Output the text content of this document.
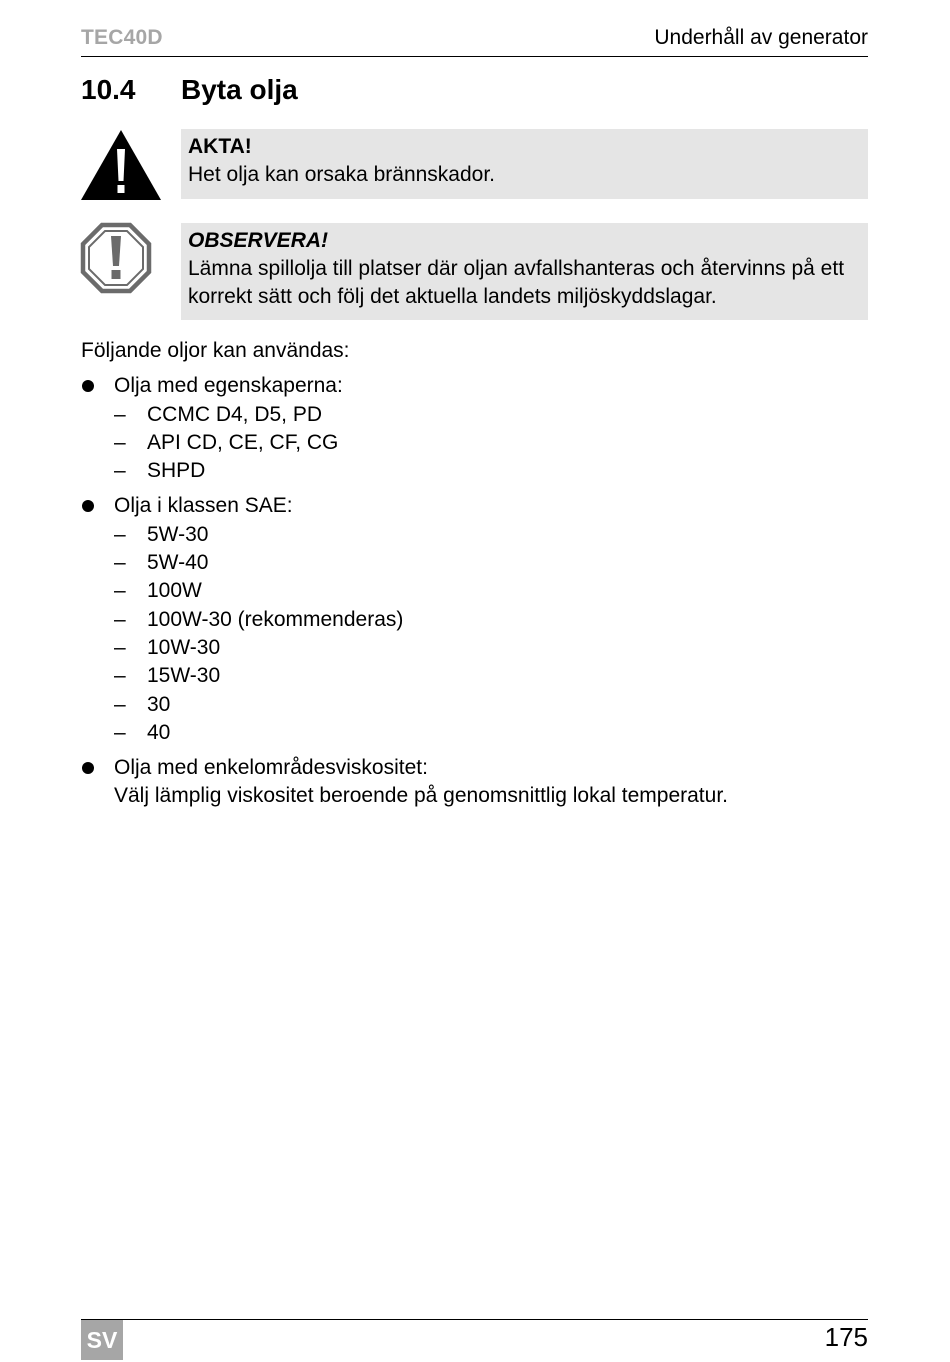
TEC40D	Underhåll av generator
10.4 Byta olja
AKTA!
Het olja kan orsaka brännskador.
OBSERVERA!
Lämna spillolja till platser där oljan avfallshanteras och återvinns på ett korrekt sätt och följ det aktuella landets miljöskyddslagar.
Följande oljor kan användas:
Olja med egenskaperna:
– CCMC D4, D5, PD
– API CD, CE, CF, CG
– SHPD
Olja i klassen SAE:
– 5W-30
– 5W-40
– 100W
– 100W-30 (rekommenderas)
– 10W-30
– 15W-30
– 30
– 40
Olja med enkelområdesviskositet:
Välj lämplig viskositet beroende på genomsnittlig lokal temperatur.
SV	175
